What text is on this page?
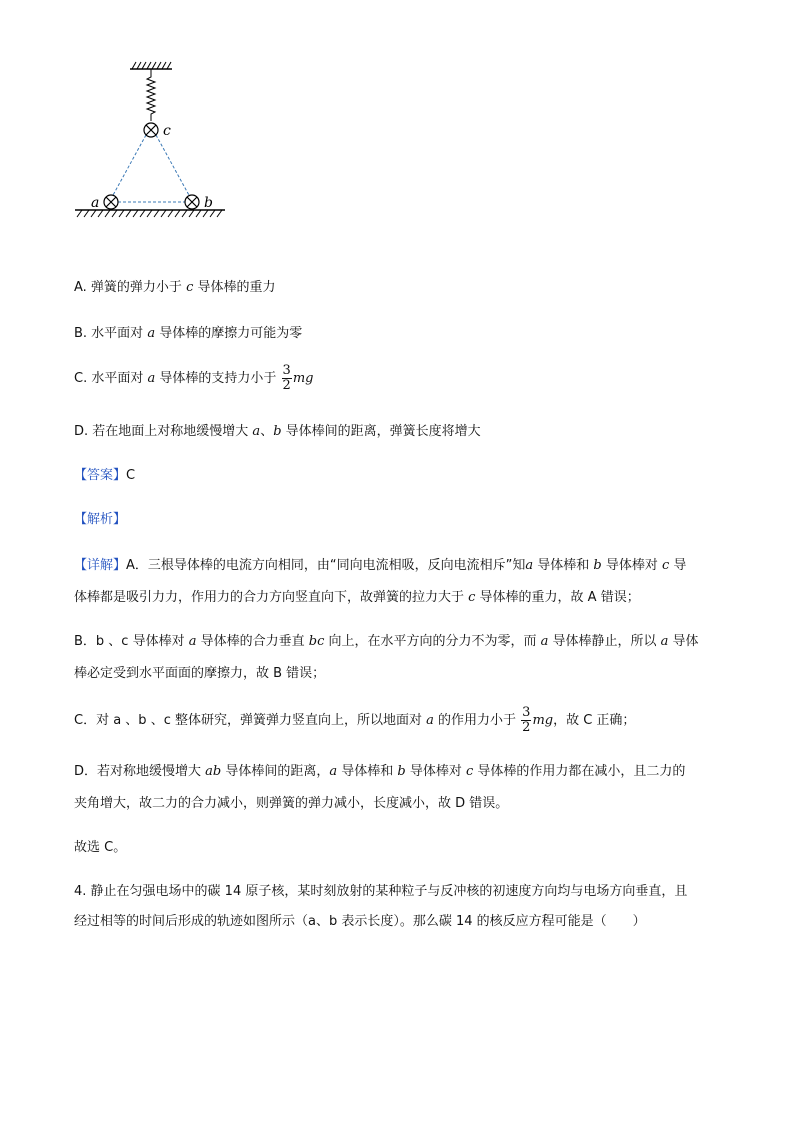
c
a	b
A. 弹簧的弹力小于 c 导体棒的重力
B. 水平面对 a 导体棒的摩擦力可能为零
C. 水平面对 a 导体棒的支持力小于 $\frac{3}{2}$ mg
D. 若在地面上对称地缓慢增大 a、b 导体棒间的距离，弹簧长度将增大
【答案】C
【解析】
【详解】A．三根导体棒的电流方向相同，由“同向电流相吸，反向电流相斥”知a 导体棒和 b 导体棒对 c 导
体棒都是吸引力力，作用力的合力方向竖直向下，故弹簧的拉力大于 c 导体棒的重力，故 A 错误；
B．b 、c 导体棒对 a 导体棒的合力垂直 bc 向上，在水平方向的分力不为零，而 a 导体棒静止，所以 a 导体
棒必定受到水平面面的摩擦力，故 B 错误；
C．对 a 、b 、c 整体研究，弹簧弹力竖直向上，所以地面对 a 的作用力小于 $\frac{3}{2}$ mg，故 C 正确；
D．若对称地缓慢增大 ab 导体棒间的距离，a 导体棒和 b 导体棒对 c 导体棒的作用力都在减小，且二力的
夹角增大，故二力的合力减小，则弹簧的弹力减小，长度减小，故 D 错误。
故选 C。
4. 静止在匀强电场中的碳 14 原子核，某时刻放射的某种粒子与反冲核的初速度方向均与电场方向垂直，且
经过相等的时间后形成的轨迹如图所示（a、b 表示长度）。那么碳 14 的核反应方程可能是（　　）
